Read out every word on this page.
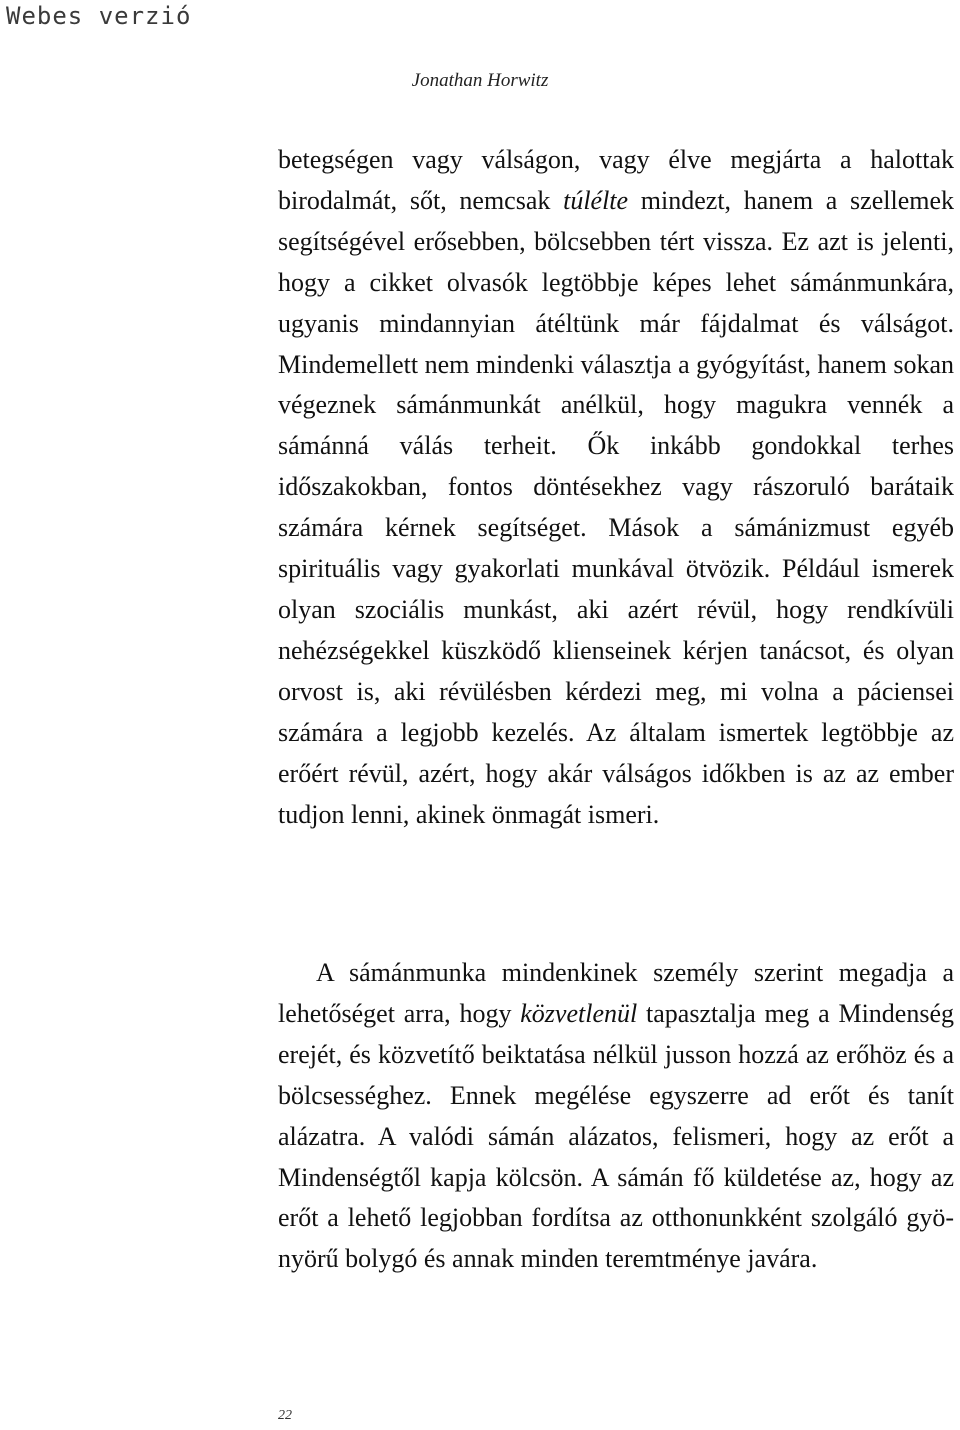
Webes verzió
Jonathan Horwitz

betegségen vagy válságon, vagy élve megjárta a halottak birodalmát, sőt, nemcsak túlélte mindezt, hanem a szellemek segítségével erősebben, bölcsebben tért vissza. Ez azt is jelenti, hogy a cikket olvasók legtöbbje képes lehet sámánmunkára, ugyanis mindannyian átéltünk már fájdalmat és válságot. Mindemellett nem mindenki választja a gyógyítást, hanem sokan végeznek sámánmunkát anélkül, hogy magukra vennék a sámánná válás terheit. Ők inkább gondokkal terhes időszakokban, fontos döntésekhez vagy rászoruló barátaik számára kérnek segítséget. Mások a sámánizmust egyéb spirituális vagy gyakorlati munkával ötvözik. Például ismerek olyan szociális munkást, aki azért révül, hogy rendkívüli nehézségekkel küszködő klienseinek kérjen tanácsot, és olyan orvost is, aki révülésben kérdezi meg, mi volna a páciensei számára a legjobb kezelés. Az általam ismertek legtöbbje az erőért révül, azért, hogy akár válságos időkben is az az ember tudjon lenni, akinek önmagát ismeri.

A sámánmunka mindenkinek személy szerint megadja a lehetőséget arra, hogy közvetlenül tapasztalja meg a Mindenség erejét, és közvetítő beiktatása nélkül jusson hozzá az erőhöz és a bölcsességhez. Ennek megélése egyszerre ad erőt és tanít alázatra. A valódi sámán alázatos, felismeri, hogy az erőt a Mindenségtől kapja kölcsön. A sámán fő küldetése az, hogy az erőt a lehető legjobban fordítsa az otthonunkként szolgáló gyönyörű bolygó és annak minden teremtménye javára.

22
